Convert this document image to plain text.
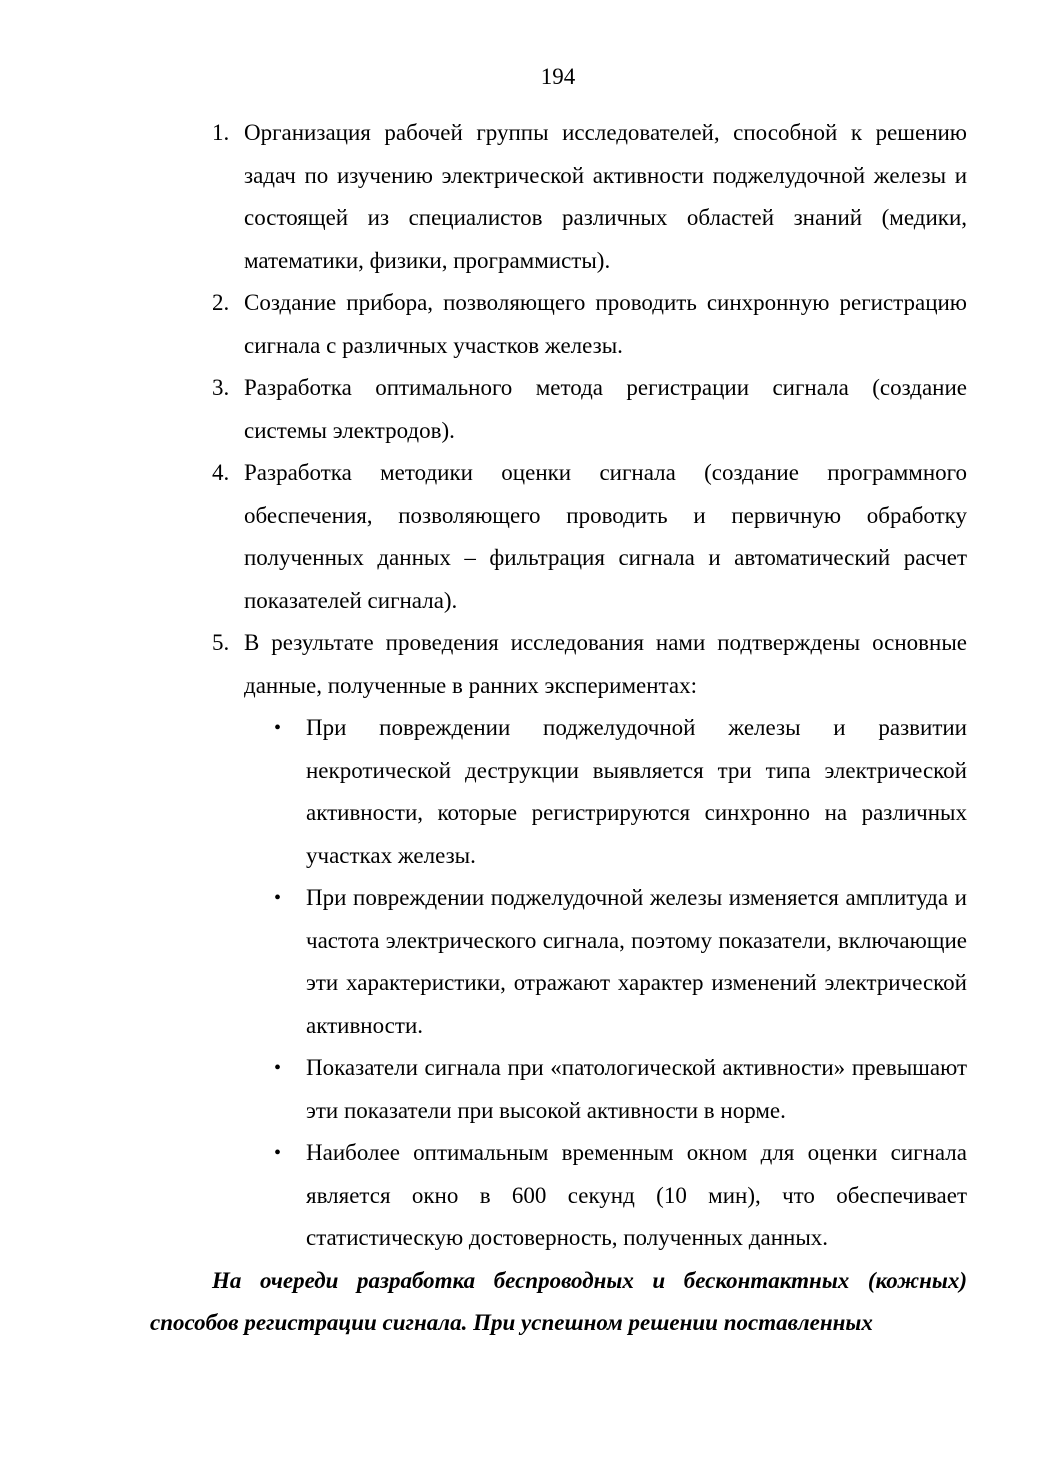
194
1. Организация рабочей группы исследователей, способной к решению задач по изучению электрической активности поджелудочной железы и состоящей из специалистов различных областей знаний (медики, математики, физики, программисты).
2. Создание прибора, позволяющего проводить синхронную регистрацию сигнала с различных участков железы.
3. Разработка оптимального метода регистрации сигнала (создание системы электродов).
4. Разработка методики оценки сигнала (создание программного обеспечения, позволяющего проводить и первичную обработку полученных данных – фильтрация сигнала и автоматический расчет показателей сигнала).
5. В результате проведения исследования нами подтверждены основные данные, полученные в ранних экспериментах:
• При повреждении поджелудочной железы и развитии некротической деструкции выявляется три типа электрической активности, которые регистрируются синхронно на различных участках железы.
• При повреждении поджелудочной железы изменяется амплитуда и частота электрического сигнала, поэтому показатели, включающие эти характеристики, отражают характер изменений электрической активности.
• Показатели сигнала при «патологической активности» превышают эти показатели при высокой активности в норме.
• Наиболее оптимальным временным окном для оценки сигнала является окно в 600 секунд (10 мин), что обеспечивает статистическую достоверность, полученных данных.

На очереди разработка беспроводных и бесконтактных (кожных) способов регистрации сигнала. При успешном решении поставленных
